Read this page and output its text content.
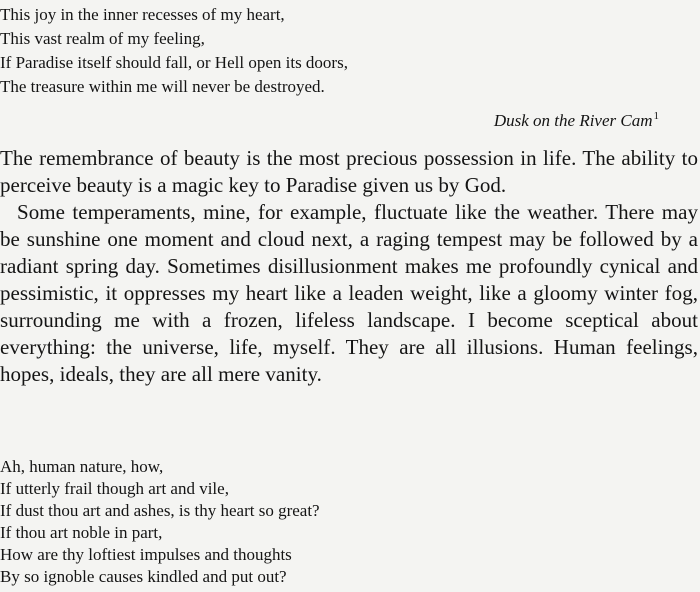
This joy in the inner recesses of my heart,
This vast realm of my feeling,
If Paradise itself should fall, or Hell open its doors,
The treasure within me will never be destroyed.
Dusk on the River Cam$^1$

The remembrance of beauty is the most precious possession in life. The ability to perceive beauty is a magic key to Paradise given us by God.

Some temperaments, mine, for example, fluctuate like the weather. There may be sunshine one moment and cloud next, a raging tempest may be followed by a radiant spring day. Sometimes disillusionment makes me profoundly cynical and pessimistic, it oppresses my heart like a leaden weight, like a gloomy winter fog, surrounding me with a frozen, lifeless landscape. I become sceptical about everything: the universe, life, myself. They are all illusions. Human feelings, hopes, ideals, they are all mere vanity.

Ah, human nature, how,
If utterly frail though art and vile,
If dust thou art and ashes, is thy heart so great?
If thou art noble in part,
How are thy loftiest impulses and thoughts
By so ignoble causes kindled and put out?
